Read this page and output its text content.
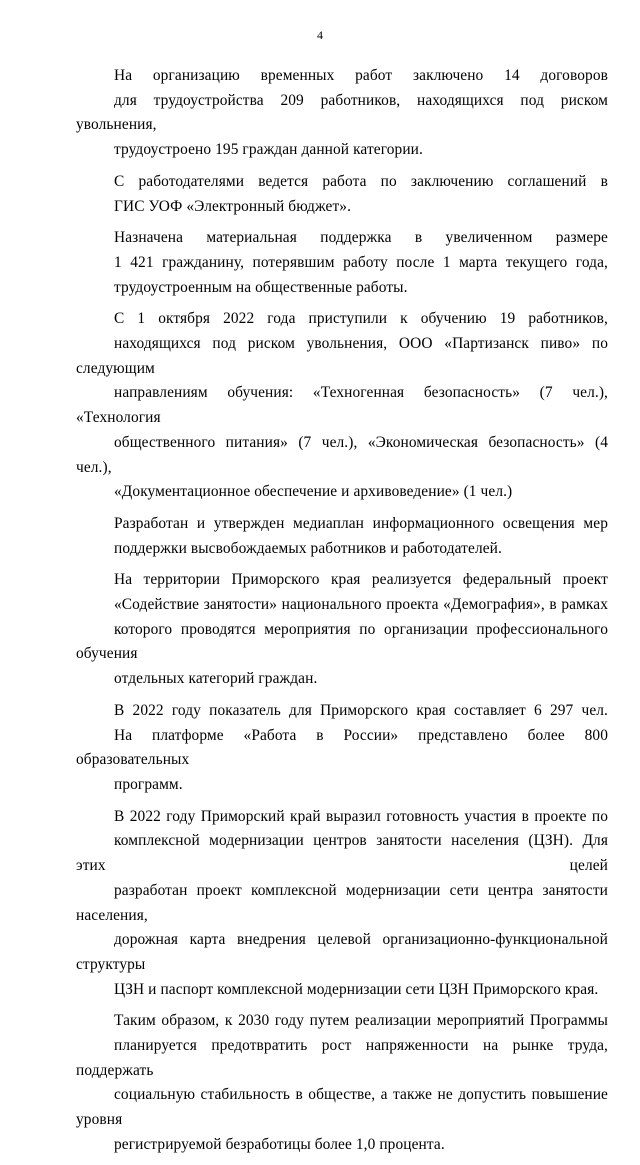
4

На организацию временных работ заключено 14 договоров
для трудоустройства 209 работников, находящихся под риском увольнения,
трудоустроено 195 граждан данной категории.

С работодателями ведется работа по заключению соглашений в
ГИС УОФ «Электронный бюджет».

Назначена материальная поддержка в увеличенном размере
1 421 гражданину, потерявшим работу после 1 марта текущего года,
трудоустроенным на общественные работы.

С 1 октября 2022 года приступили к обучению 19 работников,
находящихся под риском увольнения, ООО «Партизанск пиво» по следующим
направлениям обучения: «Техногенная безопасность» (7 чел.), «Технология
общественного питания» (7 чел.), «Экономическая безопасность» (4 чел.),
«Документационное обеспечение и архивоведение» (1 чел.)

Разработан и утвержден медиаплан информационного освещения мер
поддержки высвобождаемых работников и работодателей.

На территории Приморского края реализуется федеральный проект
«Содействие занятости» национального проекта «Демография», в рамках
которого проводятся мероприятия по организации профессионального обучения
отдельных категорий граждан.

В 2022 году показатель для Приморского края составляет 6 297 чел.
На платформе «Работа в России» представлено более 800 образовательных
программ.

В 2022 году Приморский край выразил готовность участия в проекте по
комплексной модернизации центров занятости населения (ЦЗН). Для этих целей
разработан проект комплексной модернизации сети центра занятости населения,
дорожная карта внедрения целевой организационно-функциональной структуры
ЦЗН и паспорт комплексной модернизации сети ЦЗН Приморского края.

Таким образом, к 2030 году путем реализации мероприятий Программы
планируется предотвратить рост напряженности на рынке труда, поддержать
социальную стабильность в обществе, а также не допустить повышение уровня
регистрируемой безработицы более 1,0 процента.
